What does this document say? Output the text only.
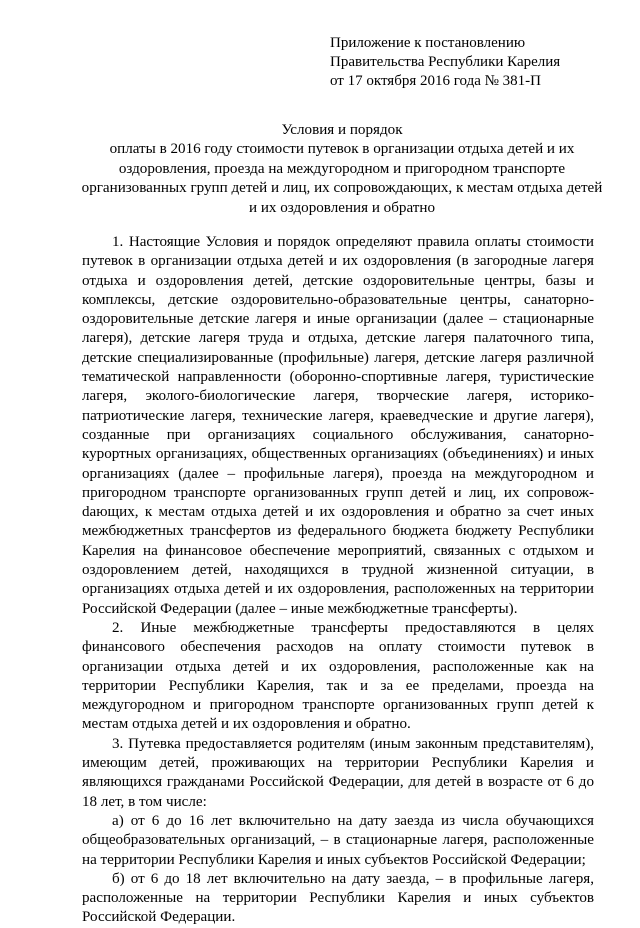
Приложение к постановлению
Правительства Республики Карелия
от 17 октября 2016 года № 381-П
Условия и порядок
оплаты в 2016 году стоимости путевок в организации отдыха детей и их оздоровления, проезда на междугородном и пригородном транспорте организованных групп детей и лиц, их сопровождающих, к местам отдыха детей и их оздоровления и обратно

1. Настоящие Условия и порядок определяют правила оплаты стоимости путевок в организации отдыха детей и их оздоровления (в загородные лагеря отдыха и оздоровления детей, детские оздоровительные центры, базы и комплексы, детские оздоровительно-образовательные центры, санаторно-оздоровительные детские лагеря и иные организации (далее – стационарные лагеря), детские лагеря труда и отдыха, детские лагеря палаточного типа, детские специализированные (профильные) лагеря, детские лагеря различной тематической направленности (оборонно-спортивные лагеря, туристические лагеря, эколого-биологические лагеря, творческие лагеря, историко-патриотические лагеря, технические лагеря, краеведческие и другие лагеря), созданные при организациях социального обслуживания, санаторно-курортных организациях, общественных организациях (объединениях) и иных организациях (далее – профильные лагеря), проезда на междугородном и пригородном транспорте организованных групп детей и лиц, их сопровожdающих, к местам отдыха детей и их оздоровления и обратно за счет иных межбюджетных трансфертов из федерального бюджета бюджету Республики Карелия на финансовое обеспечение мероприятий, связанных с отдыхом и оздоровлением детей, находящихся в трудной жизненной ситуации, в организациях отдыха детей и их оздоровления, расположенных на территории Российской Федерации (далее – иные межбюджетные трансферты).

2. Иные межбюджетные трансферты предоставляются в целях финансового обеспечения расходов на оплату стоимости путевок в организации отдыха детей и их оздоровления, расположенные как на территории Республики Карелия, так и за ее пределами, проезда на междугородном и пригородном транспорте организованных групп детей к местам отдыха детей и их оздоровления и обратно.

3. Путевка предоставляется родителям (иным законным представителям), имеющим детей, проживающих на территории Республики Карелия и являющихся гражданами Российской Федерации, для детей в возрасте от 6 до 18 лет, в том числе:

а) от 6 до 16 лет включительно на дату заезда из числа обучающихся общеобразовательных организаций, – в стационарные лагеря, расположенные на территории Республики Карелия и иных субъектов Российской Федерации;

б) от 6 до 18 лет включительно на дату заезда, – в профильные лагеря, расположенные на территории Республики Карелия и иных субъектов Российской Федерации.
